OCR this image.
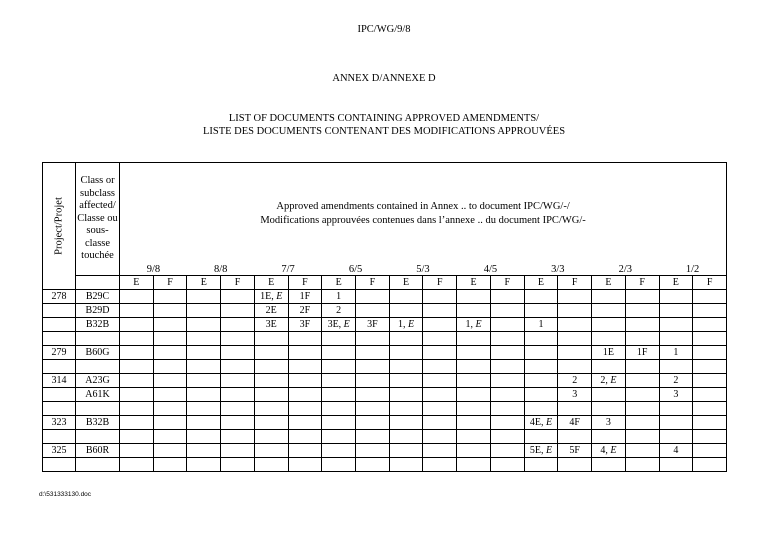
IPC/WG/9/8
ANNEX D/ANNEXE D
LIST OF DOCUMENTS CONTAINING APPROVED AMENDMENTS/
LISTE DES DOCUMENTS CONTENANT DES MODIFICATIONS APPROUVÉES
Project/Projet	Class or subclass affected/ Classe ou sous-classe touchée	Approved amendments contained in Annex .. to document IPC/WG/-/
Modifications approuvées contenues dans l’annexe .. du document IPC/WG/-																	

		9/8		8/8		7/7		6/5		5/3		4/5		3/3		2/3		1/2	
		E	F	E	F	E	F	E	F	E	F	E	F	E	F	E	F	E	F
278	B29C					1E, E	1F	1											
	B29D					2E	2F	2											
	B32B					3E	3F	3E, E	3F	1, E		1, E		1					

279	B60G															1E	1F	1	

314	A23G														2	2, E		2	
	A61K														3			3	

323	B32B													4E, E	4F	3			

325	B60R													5E, E	5F	4, E		4	

d:\531333130.doc
